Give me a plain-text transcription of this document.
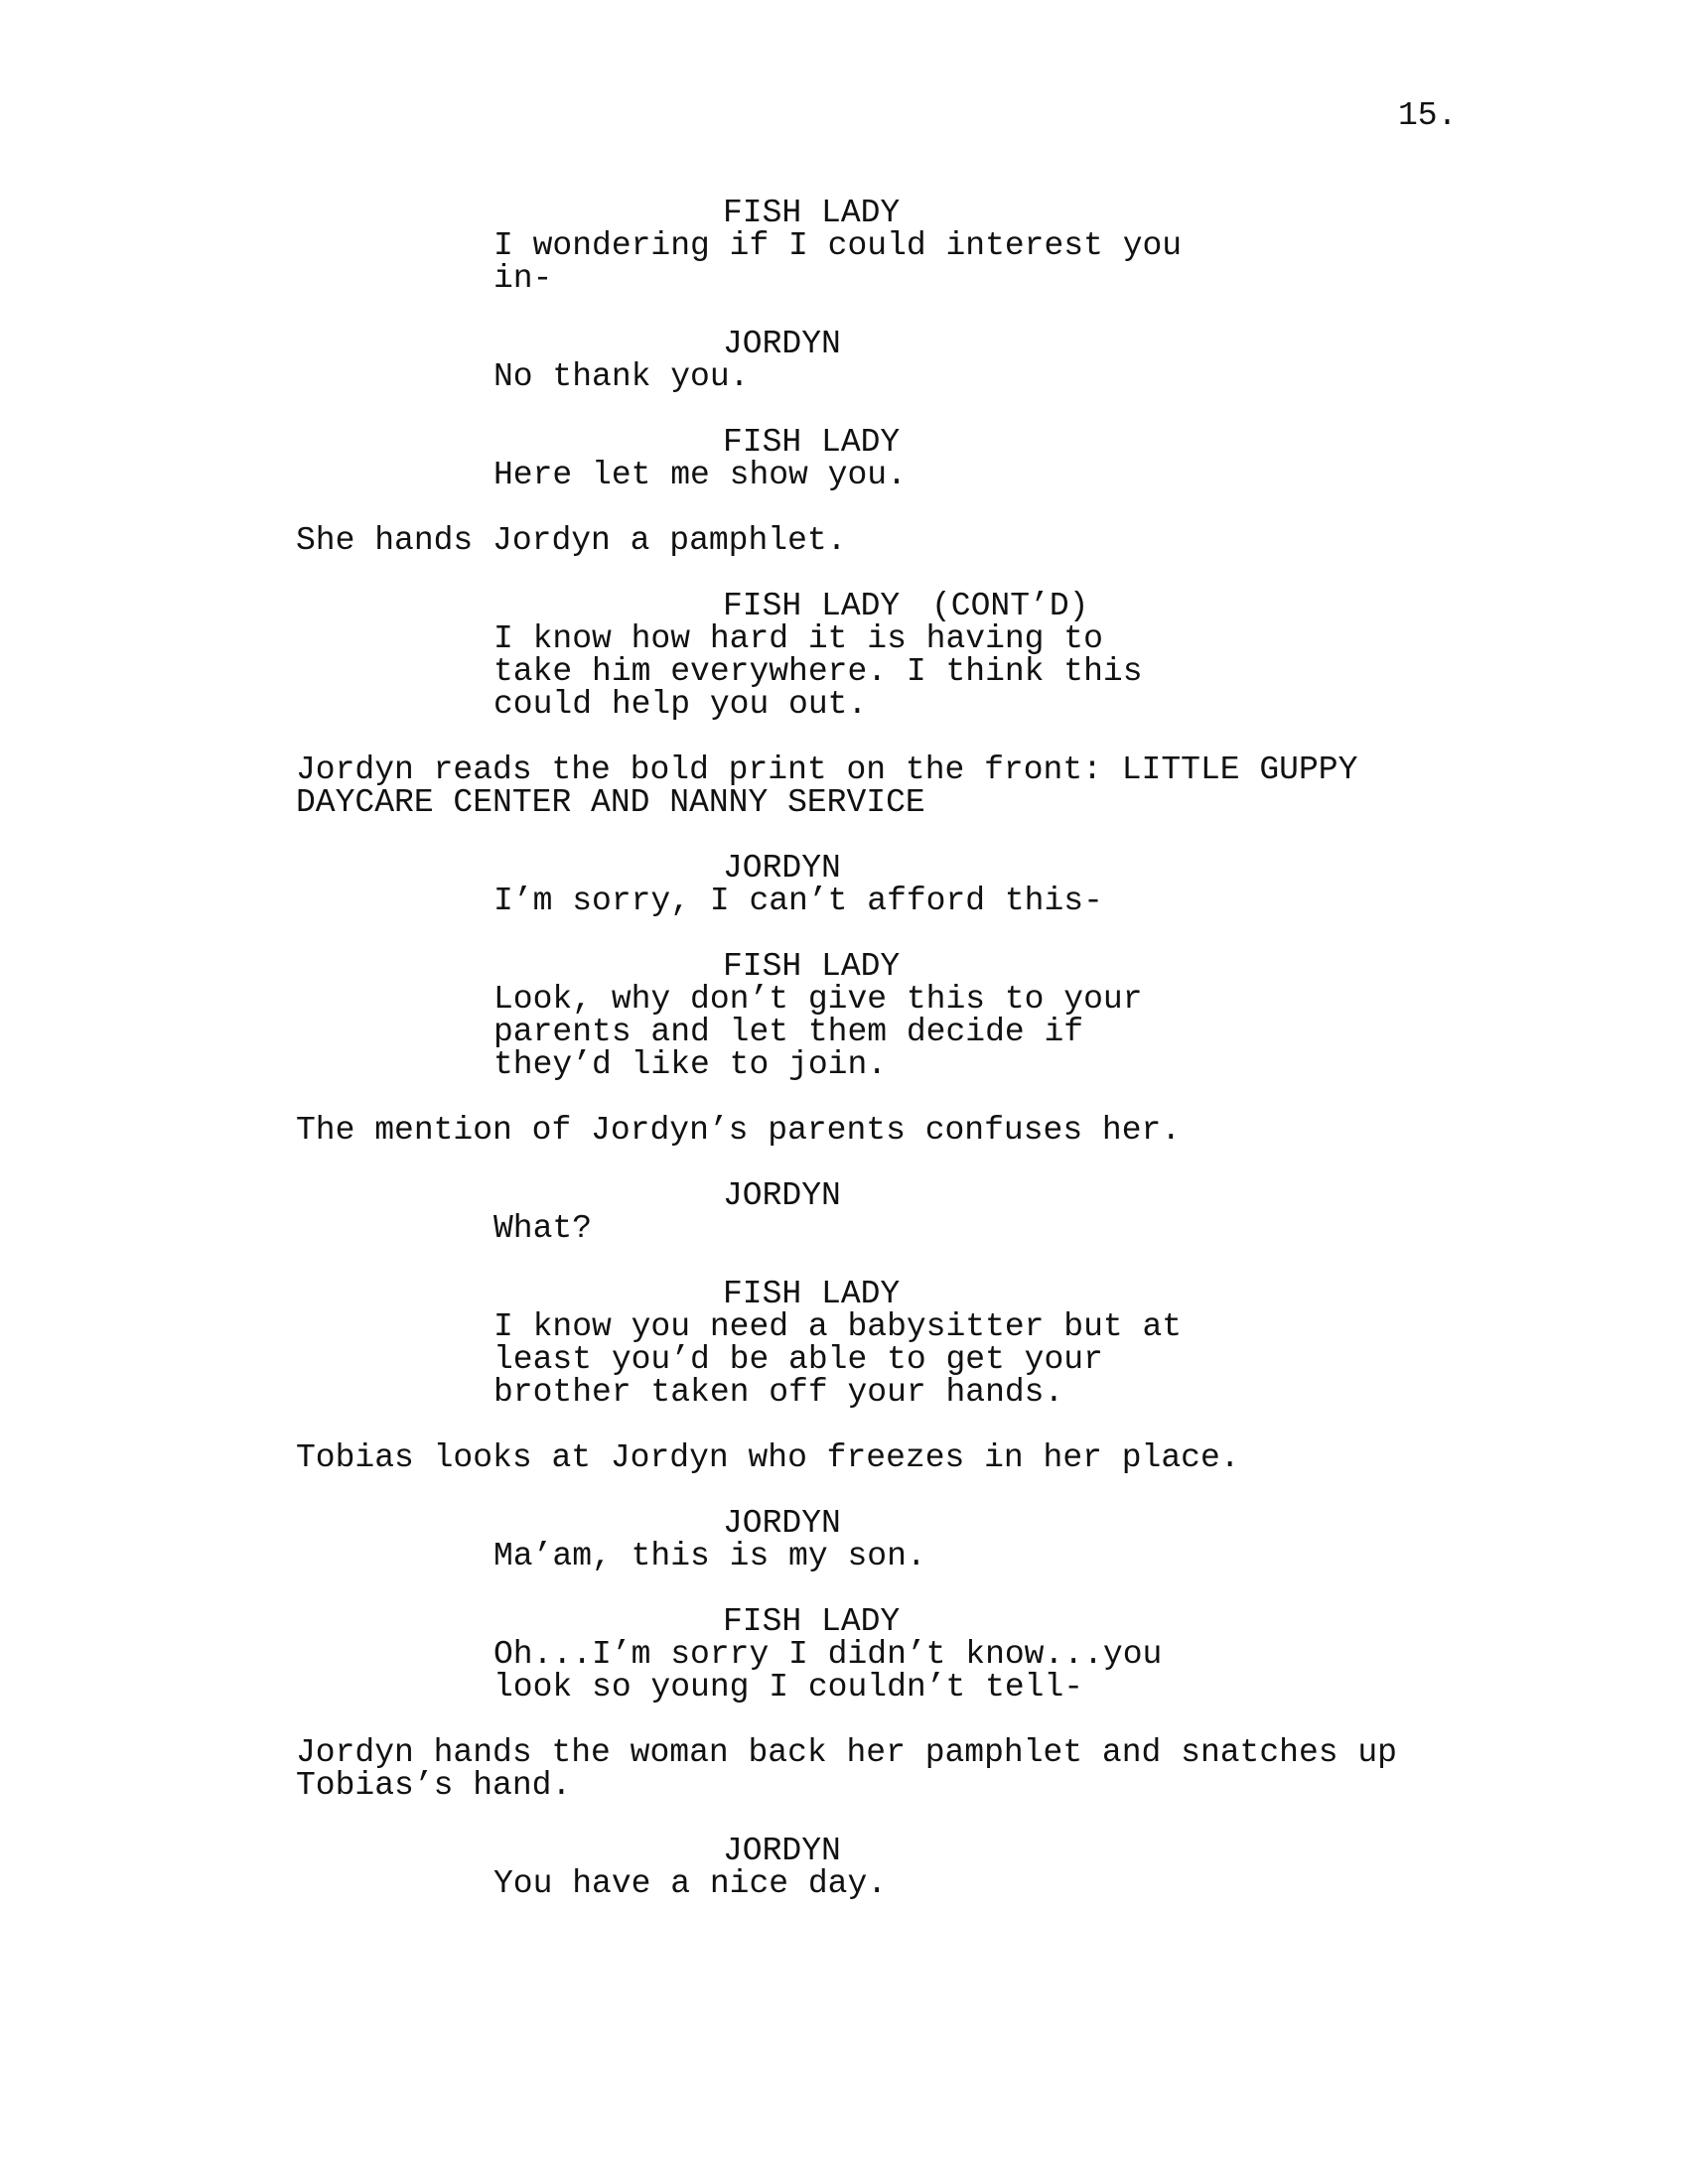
15.
FISH LADY
I wondering if I could interest you
in-
JORDYN
No thank you.
FISH LADY
Here let me show you.
She hands Jordyn a pamphlet.
FISH LADY (CONT’D)
I know how hard it is having to
take him everywhere. I think this
could help you out.
Jordyn reads the bold print on the front: LITTLE GUPPY
DAYCARE CENTER AND NANNY SERVICE
JORDYN
I’m sorry, I can’t afford this-
FISH LADY
Look, why don’t give this to your
parents and let them decide if
they’d like to join.
The mention of Jordyn’s parents confuses her.
JORDYN
What?
FISH LADY
I know you need a babysitter but at
least you’d be able to get your
brother taken off your hands.
Tobias looks at Jordyn who freezes in her place.
JORDYN
Ma’am, this is my son.
FISH LADY
Oh...I’m sorry I didn’t know...you
look so young I couldn’t tell-
Jordyn hands the woman back her pamphlet and snatches up
Tobias’s hand.
JORDYN
You have a nice day.
